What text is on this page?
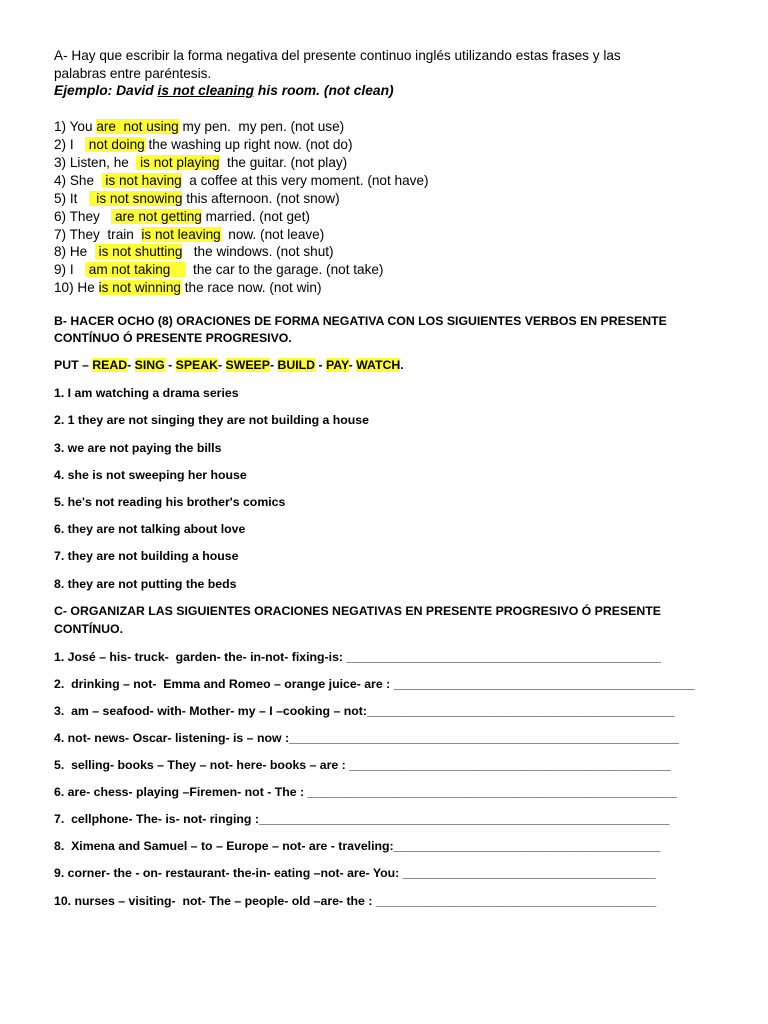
A- Hay que escribir la forma negativa del presente continuo inglés utilizando estas frases y las
palabras entre paréntesis.
Ejemplo: David is not cleaning his room. (not clean)
1) You are  not using my pen.  my pen. (not use)
2) I    not doing the washing up right now. (not do)
3) Listen, he   is not playing  the guitar. (not play)
4) She   is not having  a coffee at this very moment. (not have)
5) It     is not snowing this afternoon. (not snow)
6) They    are not getting married. (not get)
7) They  train  is not leaving  now. (not leave)
8) He   is not shutting   the windows. (not shut)
9) I    am not taking      the car to the garage. (not take)
10) He is not winning the race now. (not win)
B- HACER OCHO (8) ORACIONES DE FORMA NEGATIVA CON LOS SIGUIENTES VERBOS EN PRESENTE
CONTÍNUO Ó PRESENTE PROGRESIVO.
PUT – READ- SING - SPEAK- SWEEP- BUILD - PAY- WATCH.
1. I am watching a drama series
2. 1 they are not singing they are not building a house
3. we are not paying the bills
4. she is not sweeping her house
5. he's not reading his brother's comics
6. they are not talking about love
7. they are not building a house
8. they are not putting the beds
C- ORGANIZAR LAS SIGUIENTES ORACIONES NEGATIVAS EN PRESENTE PROGRESIVO Ó PRESENTE
CONTÍNUO.
1. José – his- truck-  garden- the- in-not- fixing-is: ______________________________________________
2.  drinking – not-  Emma and Romeo – orange juice- are : ____________________________________________
3.  am – seafood- with- Mother- my – I –cooking – not:_____________________________________________
4. not- news- Oscar- listening- is – now :_________________________________________________________
5.  selling- books – They – not- here- books – are : _______________________________________________
6. are- chess- playing –Firemen- not - The : ______________________________________________________
7.  cellphone- The- is- not- ringing :____________________________________________________________
8.  Ximena and Samuel – to – Europe – not- are - traveling:_______________________________________
9. corner- the - on- restaurant- the-in- eating –not- are- You: _____________________________________
10. nurses – visiting-  not- The – people- old –are- the : _________________________________________
